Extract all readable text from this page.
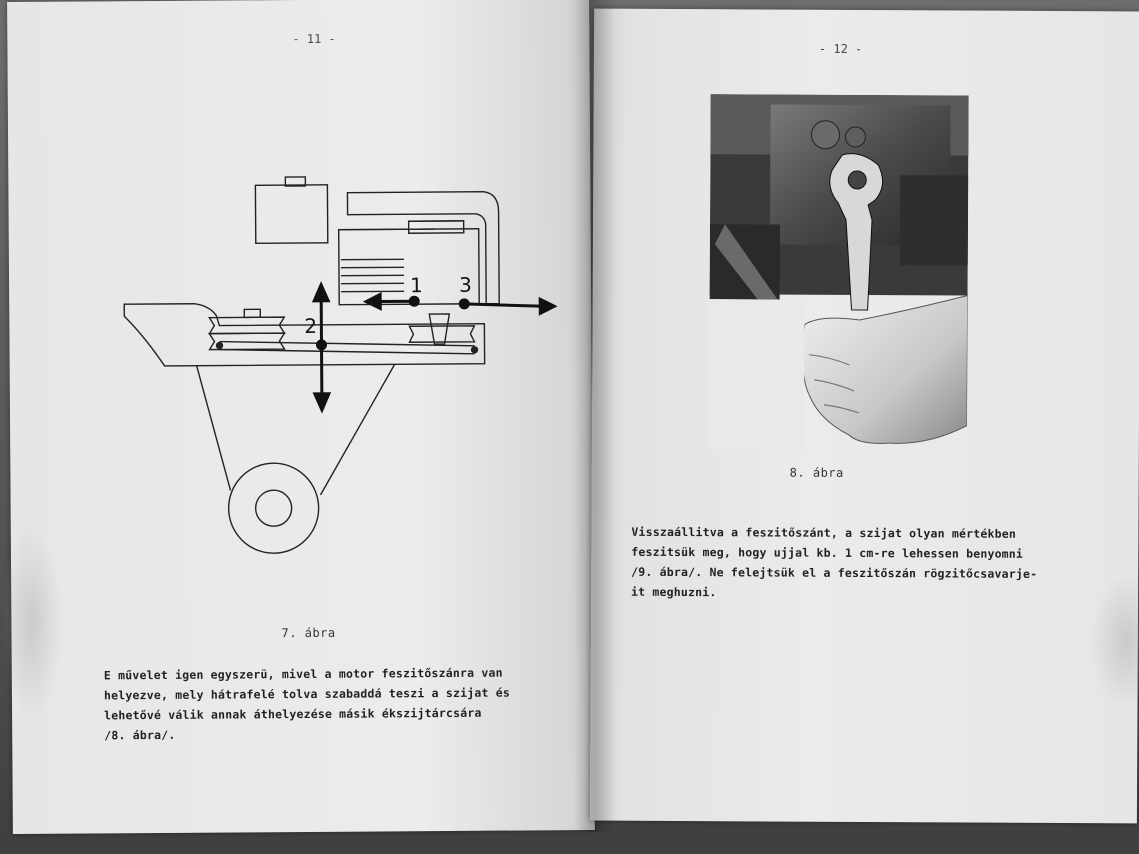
- 11 -
1
2
3
7. ábra
E művelet igen egyszerü, mivel a motor feszitőszánra van
helyezve, mely hátrafelé tolva szabaddá teszi a szijat és
lehetővé válik annak áthelyezése másik ékszijtárcsára
/8. ábra/.
- 12 -
8. ábra
Visszaállitva a feszitőszánt, a szijat olyan mértékben
feszitsük meg, hogy ujjal kb. 1 cm-re lehessen benyomni
/9. ábra/. Ne felejtsük el a feszitőszán rögzitőcsavarje-
it meghuzni.
